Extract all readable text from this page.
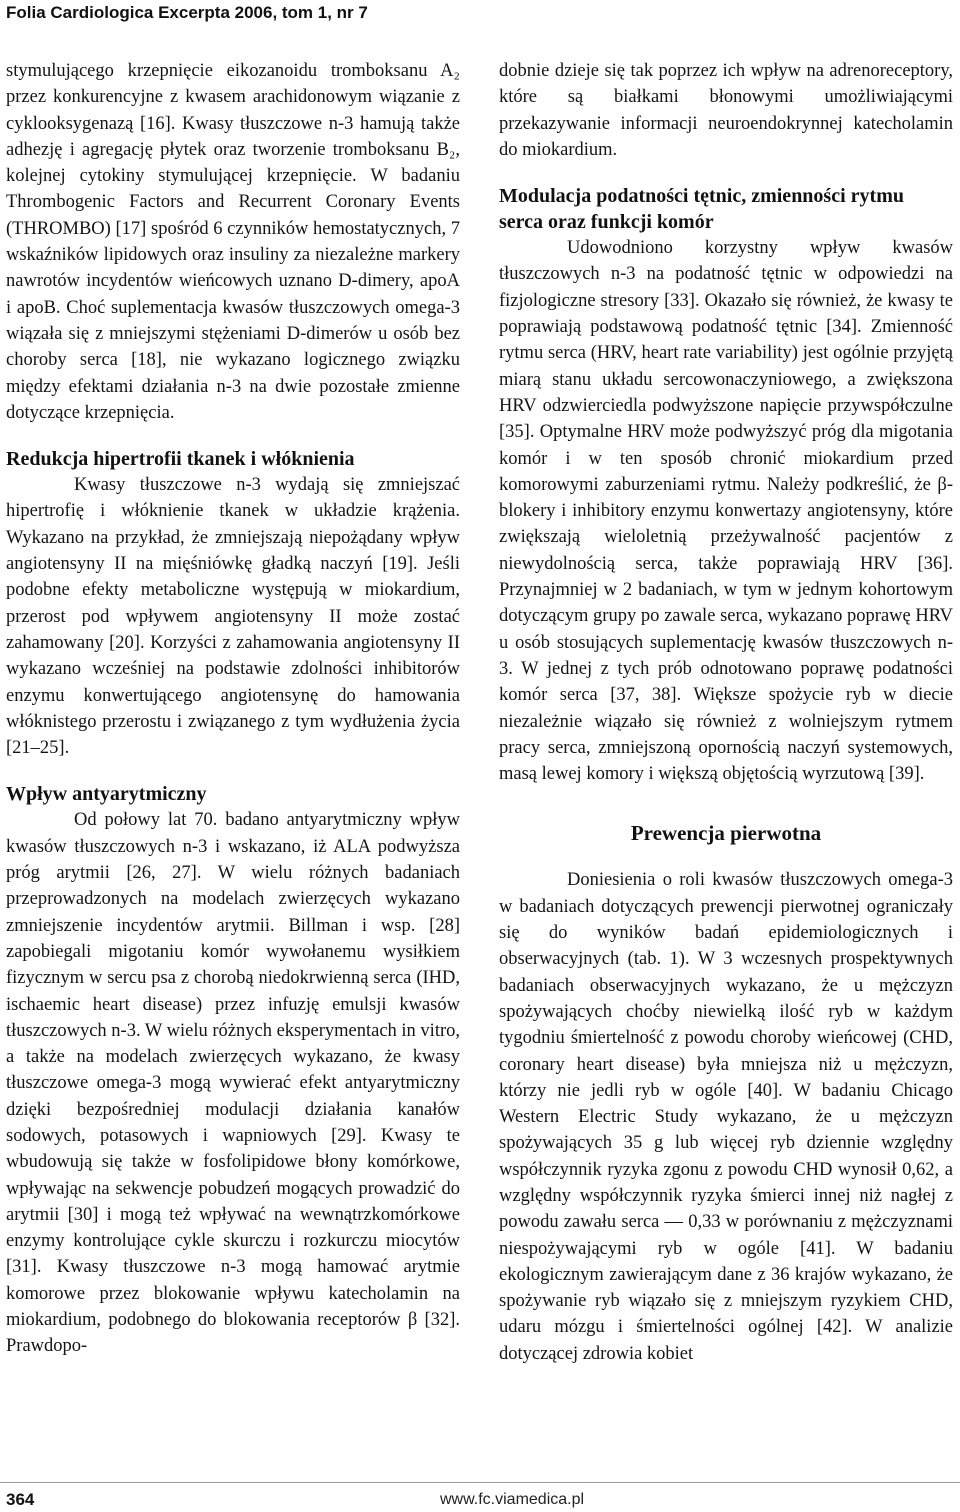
Folia Cardiologica Excerpta 2006, tom 1, nr 7

stymulującego krzepnięcie eikozanoidu tromboksanu A₂ przez konkurencyjne z kwasem arachidonowym wiązanie z cyklooksygenazą [16]. Kwasy tłuszczowe n-3 hamują także adhezję i agregację płytek oraz tworzenie tromboksanu B₂, kolejnej cytokiny stymulującej krzepnięcie. W badaniu Thrombogenic Factors and Recurrent Coronary Events (THROMBO) [17] spośród 6 czynników hemostatycznych, 7 wskaźników lipidowych oraz insuliny za niezależne markery nawrotów incydentów wieńcowych uznano D-dimery, apoA i apoB. Choć suplementacja kwasów tłuszczowych omega-3 wiązała się z mniejszymi stężeniami D-dimerów u osób bez choroby serca [18], nie wykazano logicznego związku między efektami działania n-3 na dwie pozostałe zmienne dotyczące krzepnięcia.

Redukcja hipertrofii tkanek i włóknienia

Kwasy tłuszczowe n-3 wydają się zmniejszać hipertrofię i włóknienie tkanek w układzie krążenia. Wykazano na przykład, że zmniejszają niepożądany wpływ angiotensyny II na mięśniówkę gładką naczyń [19]. Jeśli podobne efekty metaboliczne występują w miokardium, przerost pod wpływem angiotensyny II może zostać zahamowany [20]. Korzyści z zahamowania angiotensyny II wykazano wcześniej na podstawie zdolności inhibitorów enzymu konwertującego angiotensynę do hamowania włóknistego przerostu i związanego z tym wydłużenia życia [21–25].

Wpływ antyarytmiczny

Od połowy lat 70. badano antyarytmiczny wpływ kwasów tłuszczowych n-3 i wskazano, iż ALA podwyższa próg arytmii [26, 27]. W wielu różnych badaniach przeprowadzonych na modelach zwierzęcych wykazano zmniejszenie incydentów arytmii. Billman i wsp. [28] zapobiegali migotaniu komór wywołanemu wysiłkiem fizycznym w sercu psa z chorobą niedokrwienną serca (IHD, ischaemic heart disease) przez infuzję emulsji kwasów tłuszczowych n-3. W wielu różnych eksperymentach in vitro, a także na modelach zwierzęcych wykazano, że kwasy tłuszczowe omega-3 mogą wywierać efekt antyarytmiczny dzięki bezpośredniej modulacji działania kanałów sodowych, potasowych i wapniowych [29]. Kwasy te wbudowują się także w fosfolipidowe błony komórkowe, wpływając na sekwencje pobudzeń mogących prowadzić do arytmii [30] i mogą też wpływać na wewnątrzkomórkowe enzymy kontrolujące cykle skurczu i rozkurczu miocytów [31]. Kwasy tłuszczowe n-3 mogą hamować arytmie komorowe przez blokowanie wpływu katecholamin na miokardium, podobnego do blokowania receptorów β [32]. Prawdopo-

dobnie dzieje się tak poprzez ich wpływ na adrenoreceptory, które są białkami błonowymi umożliwiającymi przekazywanie informacji neuroendokrynnej katecholamin do miokardium.

Modulacja podatności tętnic, zmienności rytmu serca oraz funkcji komór

Udowodniono korzystny wpływ kwasów tłuszczowych n-3 na podatność tętnic w odpowiedzi na fizjologiczne stresory [33]. Okazało się również, że kwasy te poprawiają podstawową podatność tętnic [34]. Zmienność rytmu serca (HRV, heart rate variability) jest ogólnie przyjętą miarą stanu układu sercowonaczyniowego, a zwiększona HRV odzwierciedla podwyższone napięcie przywspółczulne [35]. Optymalne HRV może podwyższyć próg dla migotania komór i w ten sposób chronić miokardium przed komorowymi zaburzeniami rytmu. Należy podkreślić, że β-blokery i inhibitory enzymu konwertazy angiotensyny, które zwiększają wieloletnią przeżywalność pacjentów z niewydolnością serca, także poprawiają HRV [36]. Przynajmniej w 2 badaniach, w tym w jednym kohortowym dotyczącym grupy po zawale serca, wykazano poprawę HRV u osób stosujących suplementację kwasów tłuszczowych n-3. W jednej z tych prób odnotowano poprawę podatności komór serca [37, 38]. Większe spożycie ryb w diecie niezależnie wiązało się również z wolniejszym rytmem pracy serca, zmniejszoną opornością naczyń systemowych, masą lewej komory i większą objętością wyrzutową [39].

Prewencja pierwotna

Doniesienia o roli kwasów tłuszczowych omega-3 w badaniach dotyczących prewencji pierwotnej ograniczały się do wyników badań epidemiologicznych i obserwacyjnych (tab. 1). W 3 wczesnych prospektywnych badaniach obserwacyjnych wykazano, że u mężczyzn spożywających choćby niewielką ilość ryb w każdym tygodniu śmiertelność z powodu choroby wieńcowej (CHD, coronary heart disease) była mniejsza niż u mężczyzn, którzy nie jedli ryb w ogóle [40]. W badaniu Chicago Western Electric Study wykazano, że u mężczyzn spożywających 35 g lub więcej ryb dziennie względny współczynnik ryzyka zgonu z powodu CHD wynosił 0,62, a względny współczynnik ryzyka śmierci innej niż nagłej z powodu zawału serca — 0,33 w porównaniu z mężczyznami niespożywającymi ryb w ogóle [41]. W badaniu ekologicznym zawierającym dane z 36 krajów wykazano, że spożywanie ryb wiązało się z mniejszym ryzykiem CHD, udaru mózgu i śmiertelności ogólnej [42]. W analizie dotyczącej zdrowia kobiet

364	www.fc.viamedica.pl
